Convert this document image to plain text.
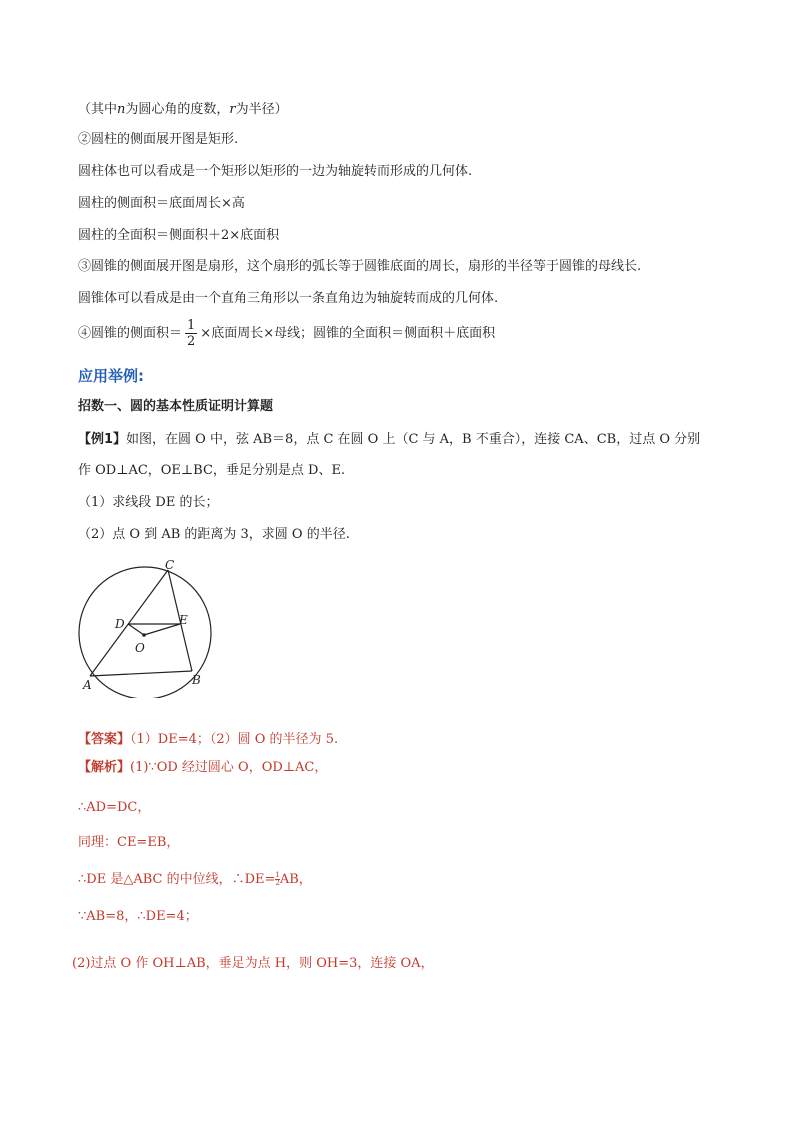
（其中n为圆心角的度数，r为半径）
②圆柱的侧面展开图是矩形.
圆柱体也可以看成是一个矩形以矩形的一边为轴旋转而形成的几何体.
圆柱的侧面积＝底面周长×高
圆柱的全面积＝侧面积＋2×底面积
③圆锥的侧面展开图是扇形，这个扇形的弧长等于圆锥底面的周长，扇形的半径等于圆锥的母线长.
圆锥体可以看成是由一个直角三角形以一条直角边为轴旋转而成的几何体.
④圆锥的侧面积＝ $\frac{1}{2}$ ×底面周长×母线；圆锥的全面积＝侧面积＋底面积
应用举例:
招数一、圆的基本性质证明计算题
【例1】如图，在圆 O 中，弦 AB＝8，点 C 在圆 O 上（C 与 A，B 不重合），连接 CA、CB，过点 O 分别
作 OD⊥AC，OE⊥BC，垂足分别是点 D、E.
（1）求线段 DE 的长；
（2）点 O 到 AB 的距离为 3，求圆 O 的半径.
C
D	E
O
A	B
【答案】（1）DE=4；（2）圆 O 的半径为 5.
【解析】(1)∵OD 经过圆心 O，OD⊥AC，
∴AD=DC，
同理：CE=EB，
∴DE 是△ABC 的中位线，∴DE= $\frac{1}{2}$ AB，
∵AB=8，∴DE=4；
(2)过点 O 作 OH⊥AB，垂足为点 H，则 OH=3，连接 OA，
